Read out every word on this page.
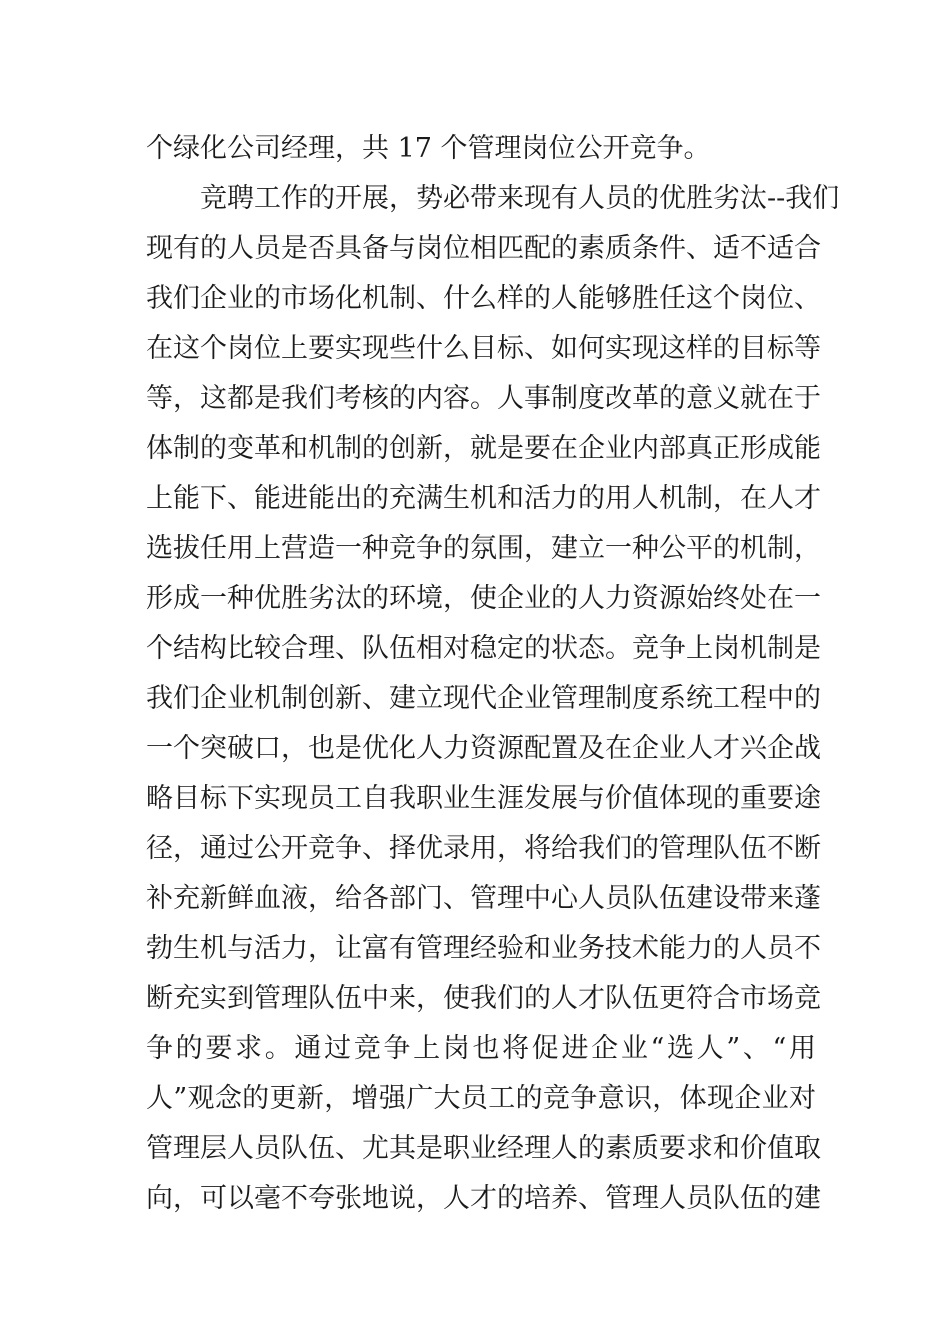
个绿化公司经理，共 17 个管理岗位公开竞争。
竞聘工作的开展，势必带来现有人员的优胜劣汰--我们
现有的人员是否具备与岗位相匹配的素质条件、适不适合
我们企业的市场化机制、什么样的人能够胜任这个岗位、
在这个岗位上要实现些什么目标、如何实现这样的目标等
等，这都是我们考核的内容。人事制度改革的意义就在于
体制的变革和机制的创新，就是要在企业内部真正形成能
上能下、能进能出的充满生机和活力的用人机制，在人才
选拔任用上营造一种竞争的氛围，建立一种公平的机制，
形成一种优胜劣汰的环境，使企业的人力资源始终处在一
个结构比较合理、队伍相对稳定的状态。竞争上岗机制是
我们企业机制创新、建立现代企业管理制度系统工程中的
一个突破口，也是优化人力资源配置及在企业人才兴企战
略目标下实现员工自我职业生涯发展与价值体现的重要途
径，通过公开竞争、择优录用，将给我们的管理队伍不断
补充新鲜血液，给各部门、管理中心人员队伍建设带来蓬
勃生机与活力，让富有管理经验和业务技术能力的人员不
断充实到管理队伍中来，使我们的人才队伍更符合市场竞
争的要求。通过竞争上岗也将促进企业“选人”、“用
人”观念的更新，增强广大员工的竞争意识，体现企业对
管理层人员队伍、尤其是职业经理人的素质要求和价值取
向，可以毫不夸张地说，人才的培养、管理人员队伍的建
